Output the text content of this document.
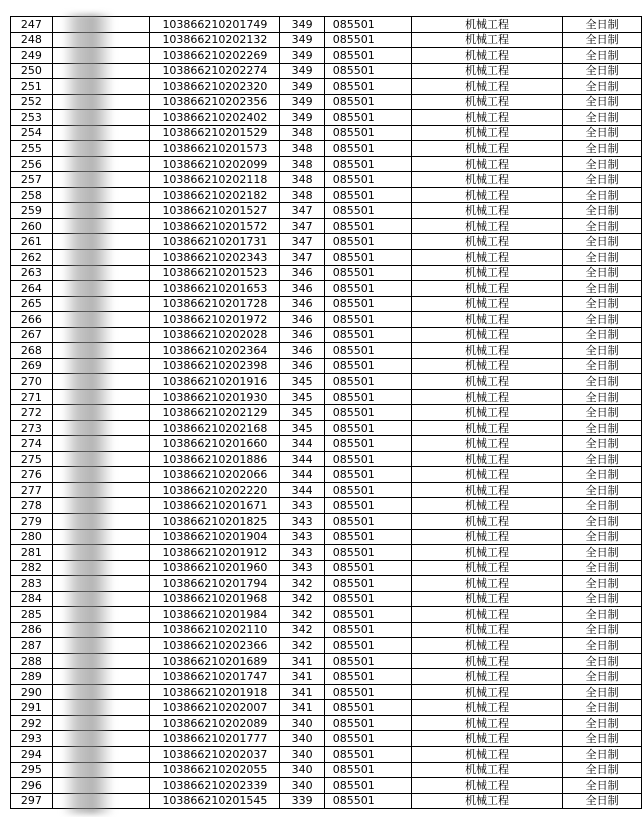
247		103866210201749	349	085501	机械工程	全日制
248		103866210202132	349	085501	机械工程	全日制
249		103866210202269	349	085501	机械工程	全日制
250		103866210202274	349	085501	机械工程	全日制
251		103866210202320	349	085501	机械工程	全日制
252		103866210202356	349	085501	机械工程	全日制
253		103866210202402	349	085501	机械工程	全日制
254		103866210201529	348	085501	机械工程	全日制
255		103866210201573	348	085501	机械工程	全日制
256		103866210202099	348	085501	机械工程	全日制
257		103866210202118	348	085501	机械工程	全日制
258		103866210202182	348	085501	机械工程	全日制
259		103866210201527	347	085501	机械工程	全日制
260		103866210201572	347	085501	机械工程	全日制
261		103866210201731	347	085501	机械工程	全日制
262		103866210202343	347	085501	机械工程	全日制
263		103866210201523	346	085501	机械工程	全日制
264		103866210201653	346	085501	机械工程	全日制
265		103866210201728	346	085501	机械工程	全日制
266		103866210201972	346	085501	机械工程	全日制
267		103866210202028	346	085501	机械工程	全日制
268		103866210202364	346	085501	机械工程	全日制
269		103866210202398	346	085501	机械工程	全日制
270		103866210201916	345	085501	机械工程	全日制
271		103866210201930	345	085501	机械工程	全日制
272		103866210202129	345	085501	机械工程	全日制
273		103866210202168	345	085501	机械工程	全日制
274		103866210201660	344	085501	机械工程	全日制
275		103866210201886	344	085501	机械工程	全日制
276		103866210202066	344	085501	机械工程	全日制
277		103866210202220	344	085501	机械工程	全日制
278		103866210201671	343	085501	机械工程	全日制
279		103866210201825	343	085501	机械工程	全日制
280		103866210201904	343	085501	机械工程	全日制
281		103866210201912	343	085501	机械工程	全日制
282		103866210201960	343	085501	机械工程	全日制
283		103866210201794	342	085501	机械工程	全日制
284		103866210201968	342	085501	机械工程	全日制
285		103866210201984	342	085501	机械工程	全日制
286		103866210202110	342	085501	机械工程	全日制
287		103866210202366	342	085501	机械工程	全日制
288		103866210201689	341	085501	机械工程	全日制
289		103866210201747	341	085501	机械工程	全日制
290		103866210201918	341	085501	机械工程	全日制
291		103866210202007	341	085501	机械工程	全日制
292		103866210202089	340	085501	机械工程	全日制
293		103866210201777	340	085501	机械工程	全日制
294		103866210202037	340	085501	机械工程	全日制
295		103866210202055	340	085501	机械工程	全日制
296		103866210202339	340	085501	机械工程	全日制
297		103866210201545	339	085501	机械工程	全日制
